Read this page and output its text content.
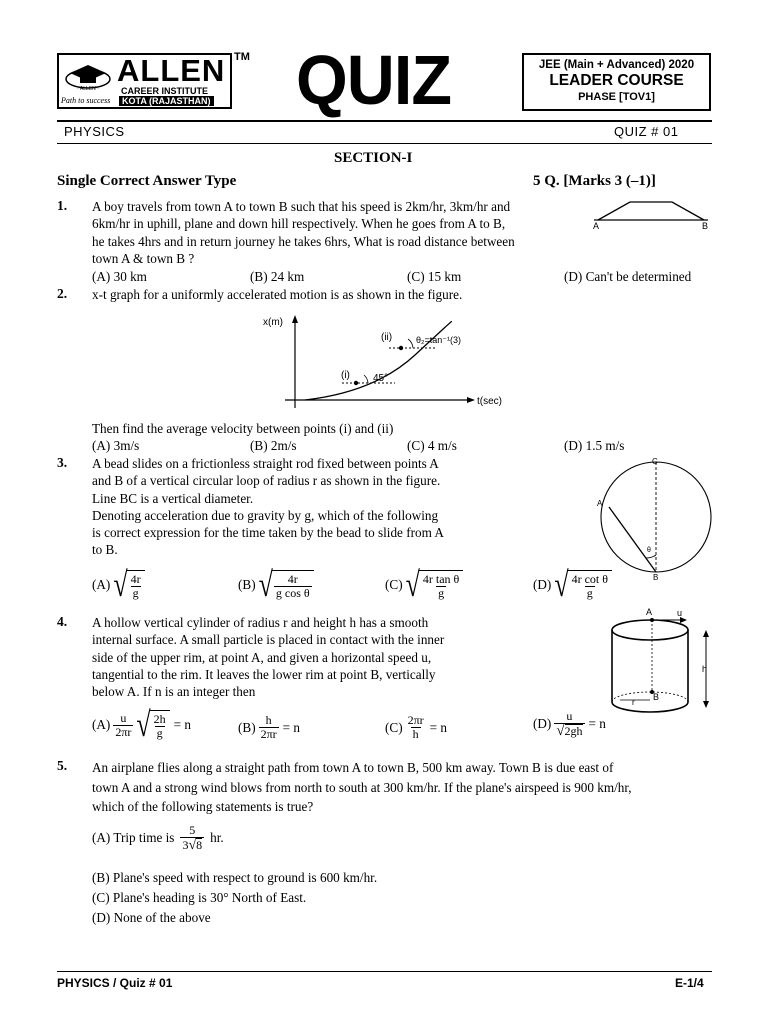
· ALLEN ·
ALLEN
CAREER INSTITUTE
KOTA (RAJASTHAN)
Path to success
TM QUIZ	JEE (Main + Advanced) 2020
LEADER COURSE
PHASE [TOV1]
PHYSICS	QUIZ # 01
SECTION-I
Single Correct Answer Type	5 Q. [Marks 3 (–1)]
1. A boy travels from town A to town B such that his speed is 2km/hr, 3km/hr and
6km/hr in uphill, plane and down hill respectively. When he goes from A to B,
he takes 4hrs and in return journey he takes 6hrs, What is road distance between
town A & town B ?
A	B
(A) 30 km	(B) 24 km	(C) 15 km	(D) Can't be determined
2. x-t graph for a uniformly accelerated motion is as shown in the figure.
x(m)
t(sec)
(i)
(ii)
45°
θ₂=tan⁻¹(3)
Then find the average velocity between points (i) and (ii)
(A) 3m/s	(B) 2m/s	(C) 4 m/s	(D) 1.5 m/s
3. A bead slides on a frictionless straight rod fixed between points A
and B of a vertical circular loop of radius r as shown in the figure.
Line BC is a vertical diameter.
Denoting acceleration due to gravity by g, which of the following
is correct expression for the time taken by the bead to slide from A
to B.
C
A
B
θ
(A) √ $\frac{4r}{g}$	(B) √ $\frac{4r}{\text{g cos θ}}$	(C) √ $\frac{\text{4r tan θ}}{g}$	(D) √ $\frac{\text{4r cot θ}}{g}$
4. A hollow vertical cylinder of radius r and height h has a smooth
internal surface. A small particle is placed in contact with the inner
side of the upper rim, at point A, and given a horizontal speed u,
tangential to the rim. It leaves the lower rim at point B, vertically
below A. If n is an integer then
A	u
h
r
B
$(A) \frac{u}{2\pi r}$ √ $\frac{2h}{g} = n$	$(B) \frac{h}{2\pi r} = n$	$(C) \frac{2\pi r}{h} = n$	$(D) \frac{u}{√ 2gh} = n$
5. An airplane flies along a straight path from town A to town B, 500 km away. Town B is due east of
town A and a strong wind blows from north to south at 300 km/hr. If the plane's airspeed is 900 km/hr,
which of the following statements is true?
(A) Trip time is $\frac{5}{3 √ 8}$ hr.
(B) Plane's speed with respect to ground is 600 km/hr.
(C) Plane's heading is 30° North of East.
(D) None of the above
PHYSICS / Quiz # 01	E-1/4
